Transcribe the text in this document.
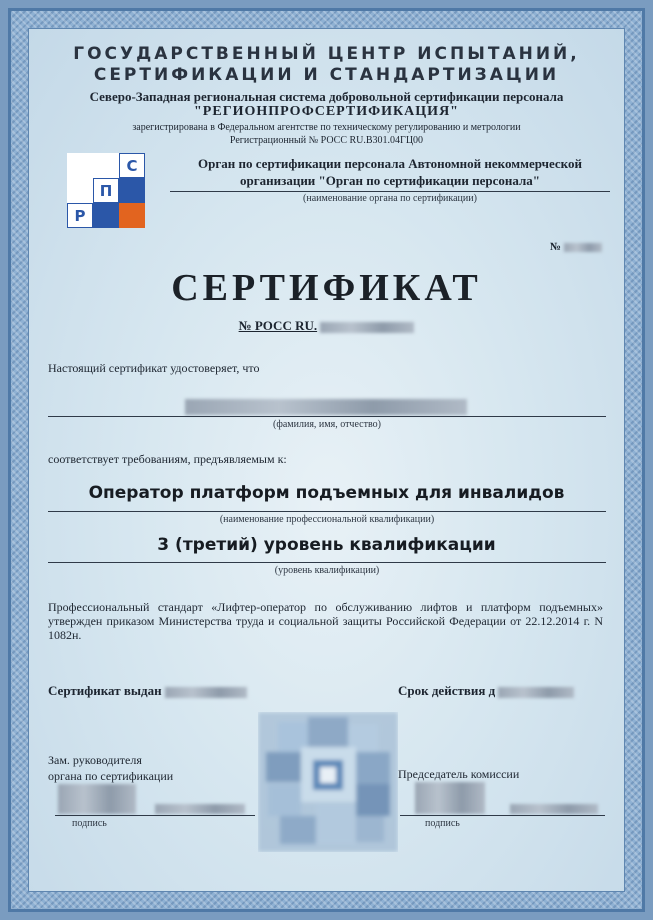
ГОСУДАРСТВЕННЫЙ ЦЕНТР ИСПЫТАНИЙ,
СЕРТИФИКАЦИИ И СТАНДАРТИЗАЦИИ
Северо-Западная региональная система добровольной сертификации персонала
"РЕГИОНПРОФСЕРТИФИКАЦИЯ"
зарегистрирована в Федеральном агентстве по техническому регулированию и метрологии
Регистрационный № РОСС RU.В301.04ГЦ00
С
П
Р
Орган по сертификации персонала Автономной некоммерческой
организации "Орган по сертификации персонала"
(наименование органа по сертификации)
№
СЕРТИФИКАТ
№ РОСС RU.
Настоящий сертификат удостоверяет, что
(фамилия, имя, отчество)
соответствует требованиям, предъявляемым к:
Оператор платформ подъемных для инвалидов
(наименование профессиональной квалификации)
3 (третий) уровень квалификации
(уровень квалификации)
Профессиональный стандарт «Лифтер-оператор по обслуживанию лифтов и платформ подъемных» утвержден приказом Министерства труда и социальной защиты Российской Федерации от 22.12.2014 г. N 1082н.
Сертификат выдан	Срок действия д
Зам. руководителя
органа по сертификации	Председатель комиссии
подпись	подпись
